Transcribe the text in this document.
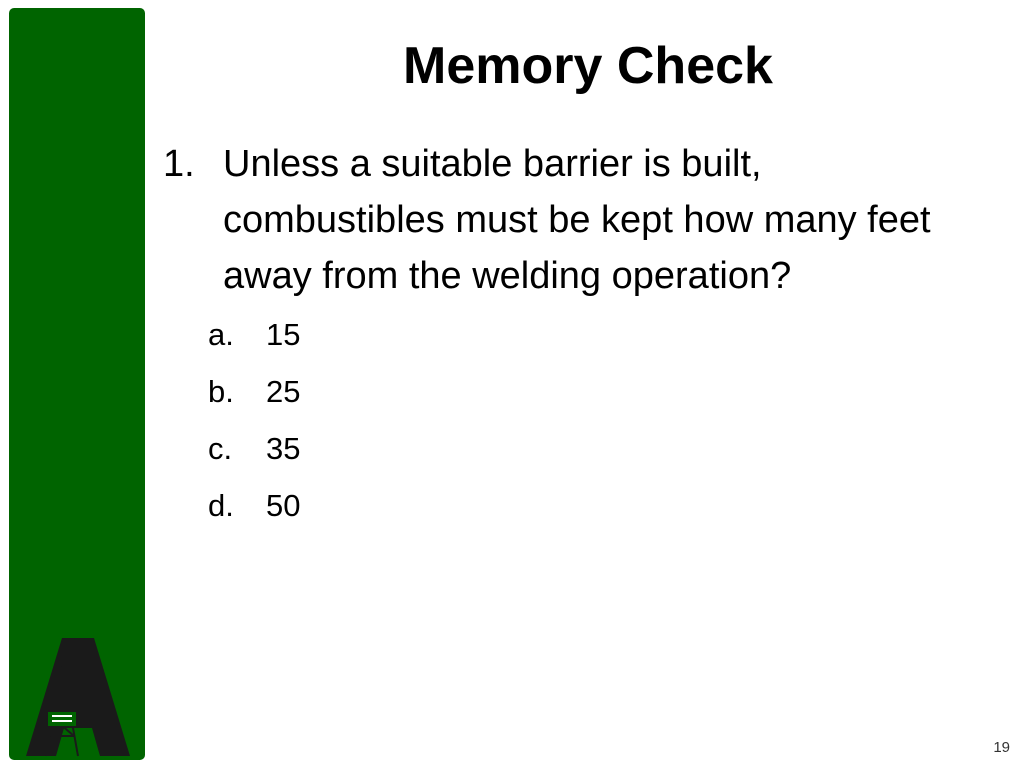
Memory Check
1. Unless a suitable barrier is built, combustibles must be kept how many feet away from the welding operation?
a. 15
b. 25
c. 35
d. 50
19
